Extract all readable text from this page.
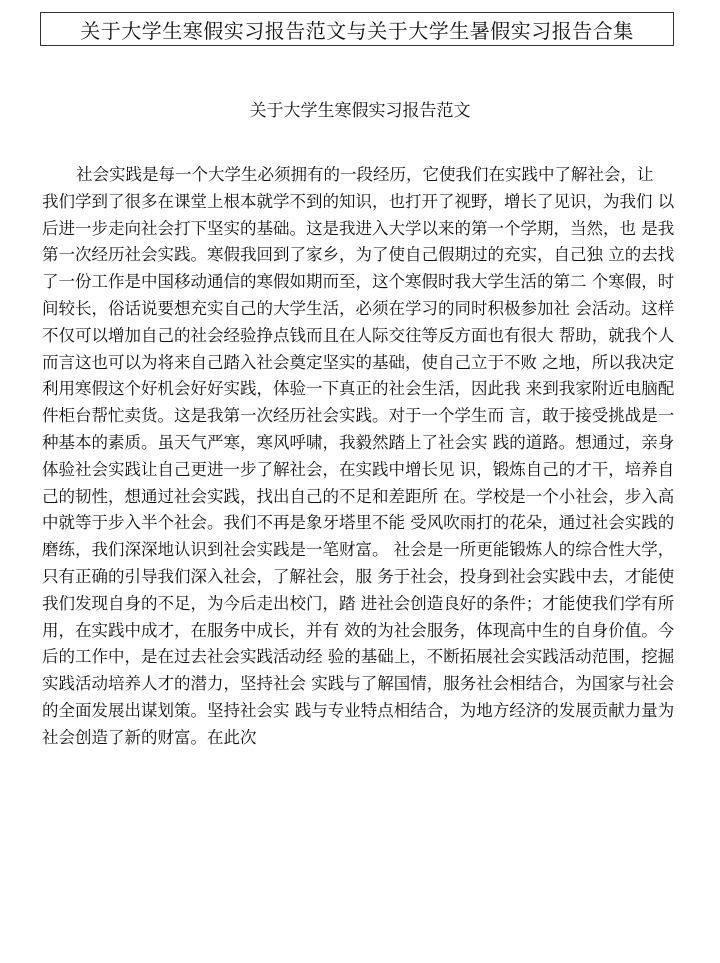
关于大学生寒假实习报告范文与关于大学生暑假实习报告合集
关于大学生寒假实习报告范文
社会实践是每一个大学生必须拥有的一段经历，它使我们在实践中了解社会，让
我们学到了很多在课堂上根本就学不到的知识，也打开了视野，增长了见识，为我们 以
后进一步走向社会打下坚实的基础。这是我进入大学以来的第一个学期，当然，也 是我
第一次经历社会实践。寒假我回到了家乡，为了使自己假期过的充实，自己独 立的去找
了一份工作是中国移动通信的寒假如期而至，这个寒假时我大学生活的第二 个寒假，时
间较长，俗话说要想充实自己的大学生活，必须在学习的同时积极参加社 会活动。这样
不仅可以增加自己的社会经验挣点钱而且在人际交往等反方面也有很大 帮助，就我个人
而言这也可以为将来自己踏入社会奠定坚实的基础，使自己立于不败 之地，所以我决定
利用寒假这个好机会好好实践，体验一下真正的社会生活，因此我 来到我家附近电脑配
件柜台帮忙卖货。这是我第一次经历社会实践。对于一个学生而 言，敢于接受挑战是一
种基本的素质。虽天气严寒，寒风呼啸，我毅然踏上了社会实 践的道路。想通过，亲身
体验社会实践让自己更进一步了解社会，在实践中增长见 识，锻炼自己的才干，培养自
己的韧性，想通过社会实践，找出自己的不足和差距所 在。学校是一个小社会，步入高
中就等于步入半个社会。我们不再是象牙塔里不能 受风吹雨打的花朵，通过社会实践的
磨练，我们深深地认识到社会实践是一笔财富。 社会是一所更能锻炼人的综合性大学，
只有正确的引导我们深入社会，了解社会，服 务于社会，投身到社会实践中去，才能使
我们发现自身的不足，为今后走出校门，踏 进社会创造良好的条件；才能使我们学有所
用，在实践中成才，在服务中成长，并有 效的为社会服务，体现高中生的自身价值。今
后的工作中，是在过去社会实践活动经 验的基础上，不断拓展社会实践活动范围，挖掘
实践活动培养人才的潜力，坚持社会 实践与了解国情，服务社会相结合，为国家与社会
的全面发展出谋划策。坚持社会实 践与专业特点相结合，为地方经济的发展贡献力量为
社会创造了新的财富。在此次
